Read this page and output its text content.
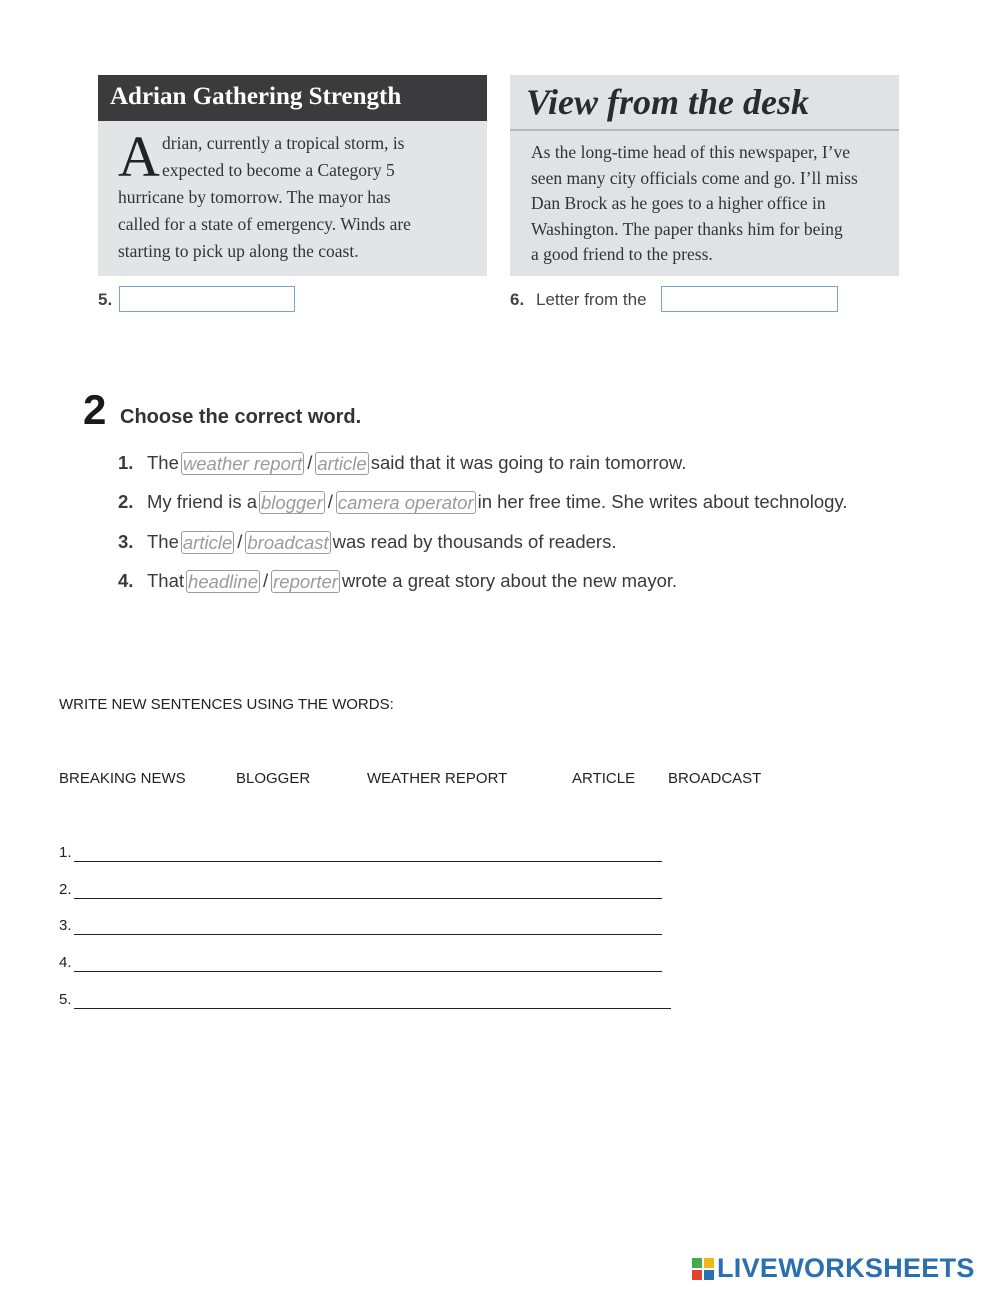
Adrian Gathering Strength
A drian, currently a tropical storm, is
expected to become a Category 5
hurricane by tomorrow. The mayor has
called for a state of emergency. Winds are
starting to pick up along the coast.
View from the desk
As the long-time head of this newspaper, I’ve
seen many city officials come and go. I’ll miss
Dan Brock as he goes to a higher office in
Washington. The paper thanks him for being
a good friend to the press.
5.	6. Letter from the
2 Choose the correct word.
1. The weather report / article said that it was going to rain tomorrow.
2. My friend is a blogger / camera operator in her free time. She writes about technology.
3. The article / broadcast was read by thousands of readers.
4. That headline / reporter wrote a great story about the new mayor.
WRITE NEW SENTENCES USING THE WORDS:
BREAKING NEWS	BLOGGER	WEATHER REPORT	ARTICLE BROADCAST
1.
2.
3.
4.
5.
LIVEWORKSHEETS
